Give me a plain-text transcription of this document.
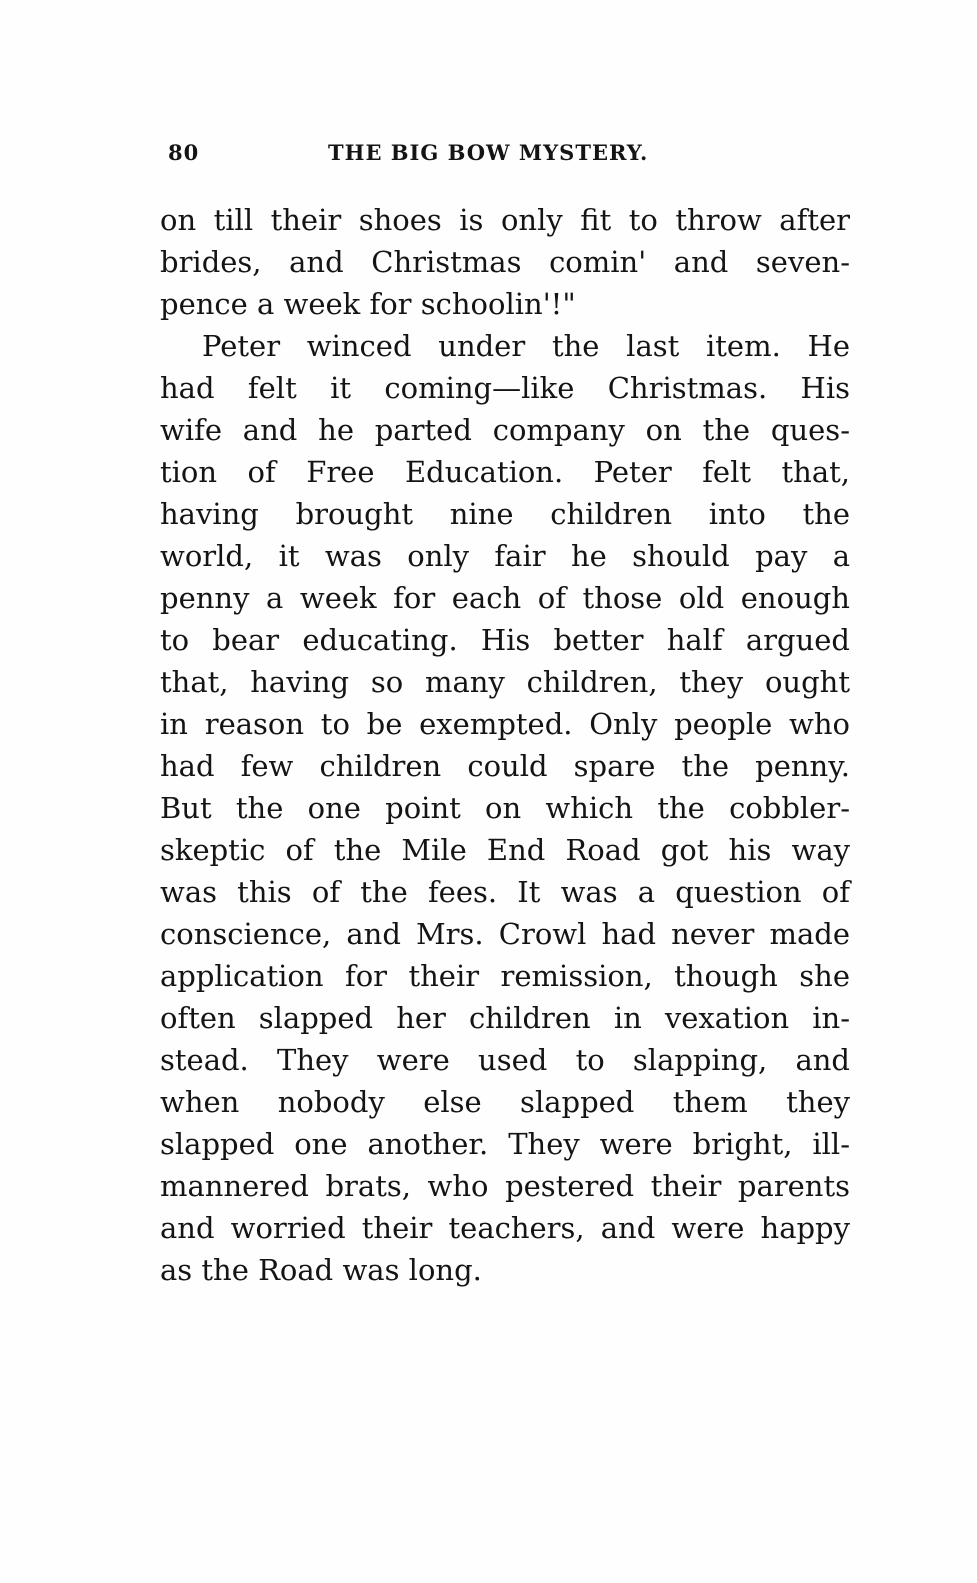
80	THE BIG BOW MYSTERY.
on till their shoes is only fit to throw after
brides, and Christmas comin' and seven-
pence a week for schoolin'!"
Peter winced under the last item. He
had felt it coming—like Christmas. His
wife and he parted company on the ques-
tion of Free Education. Peter felt that,
having brought nine children into the
world, it was only fair he should pay a
penny a week for each of those old enough
to bear educating. His better half argued
that, having so many children, they ought
in reason to be exempted. Only people who
had few children could spare the penny.
But the one point on which the cobbler-
skeptic of the Mile End Road got his way
was this of the fees. It was a question of
conscience, and Mrs. Crowl had never made
application for their remission, though she
often slapped her children in vexation in-
stead. They were used to slapping, and
when nobody else slapped them they
slapped one another. They were bright, ill-
mannered brats, who pestered their parents
and worried their teachers, and were happy
as the Road was long.
